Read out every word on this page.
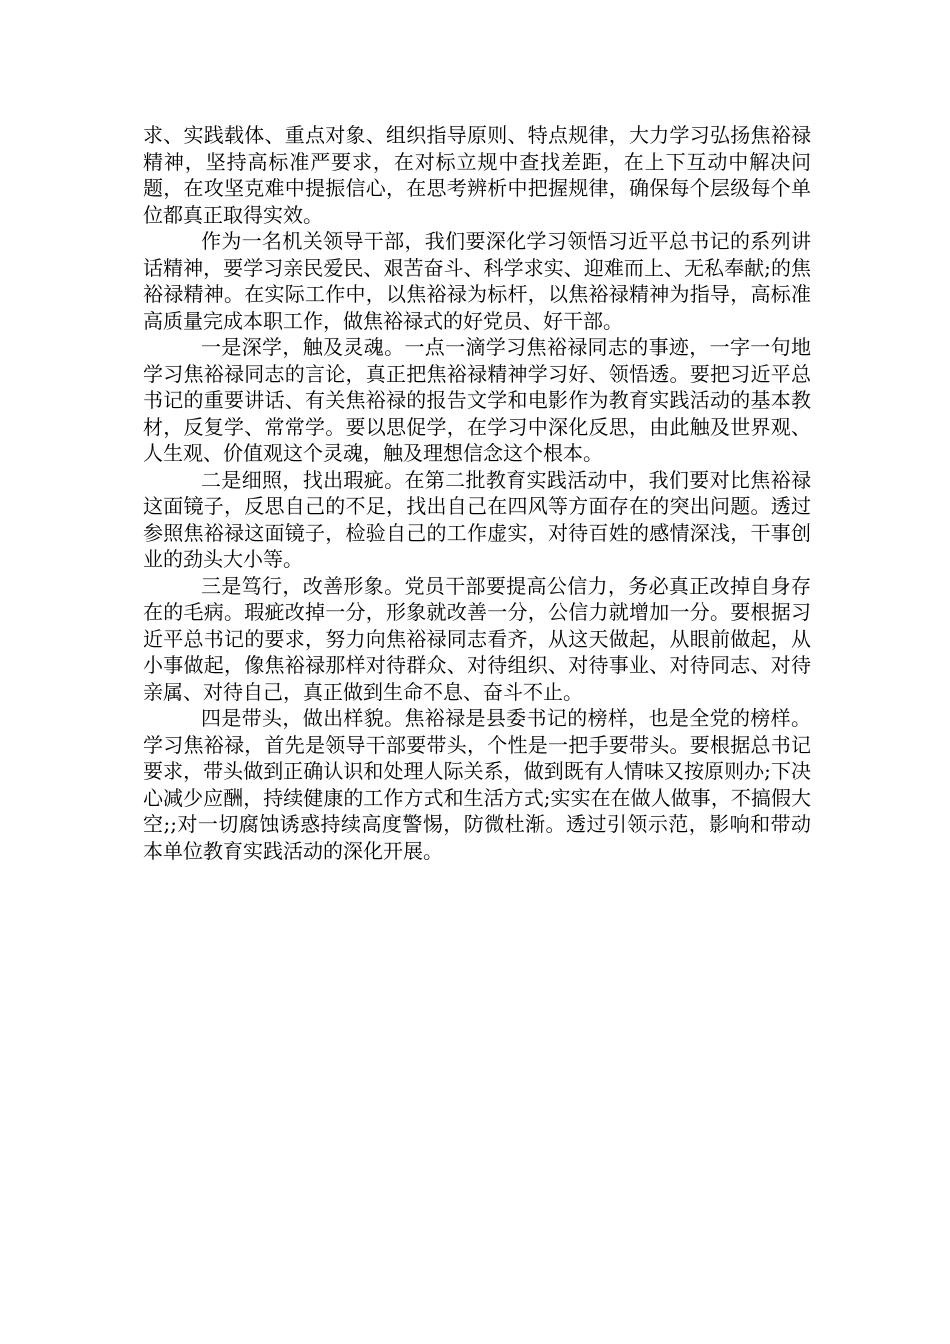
求、实践载体、重点对象、组织指导原则、特点规律，大力学习弘扬焦裕禄精神，坚持高标准严要求，在对标立规中查找差距，在上下互动中解决问题，在攻坚克难中提振信心，在思考辨析中把握规律，确保每个层级每个单位都真正取得实效。

作为一名机关领导干部，我们要深化学习领悟习近平总书记的系列讲话精神，要学习亲民爱民、艰苦奋斗、科学求实、迎难而上、无私奉献;的焦裕禄精神。在实际工作中，以焦裕禄为标杆，以焦裕禄精神为指导，高标准高质量完成本职工作，做焦裕禄式的好党员、好干部。

一是深学，触及灵魂。一点一滴学习焦裕禄同志的事迹，一字一句地学习焦裕禄同志的言论，真正把焦裕禄精神学习好、领悟透。要把习近平总书记的重要讲话、有关焦裕禄的报告文学和电影作为教育实践活动的基本教材，反复学、常常学。要以思促学，在学习中深化反思，由此触及世界观、人生观、价值观这个灵魂，触及理想信念这个根本。

二是细照，找出瑕疵。在第二批教育实践活动中，我们要对比焦裕禄这面镜子，反思自己的不足，找出自己在四风等方面存在的突出问题。透过参照焦裕禄这面镜子，检验自己的工作虚实，对待百姓的感情深浅，干事创业的劲头大小等。

三是笃行，改善形象。党员干部要提高公信力，务必真正改掉自身存在的毛病。瑕疵改掉一分，形象就改善一分，公信力就增加一分。要根据习近平总书记的要求，努力向焦裕禄同志看齐，从这天做起，从眼前做起，从小事做起，像焦裕禄那样对待群众、对待组织、对待事业、对待同志、对待亲属、对待自己，真正做到生命不息、奋斗不止。

四是带头，做出样貌。焦裕禄是县委书记的榜样，也是全党的榜样。学习焦裕禄，首先是领导干部要带头，个性是一把手要带头。要根据总书记要求，带头做到正确认识和处理人际关系，做到既有人情味又按原则办;下决心减少应酬，持续健康的工作方式和生活方式;实实在在做人做事，不搞假大空;;对一切腐蚀诱惑持续高度警惕，防微杜渐。透过引领示范，影响和带动本单位教育实践活动的深化开展。
